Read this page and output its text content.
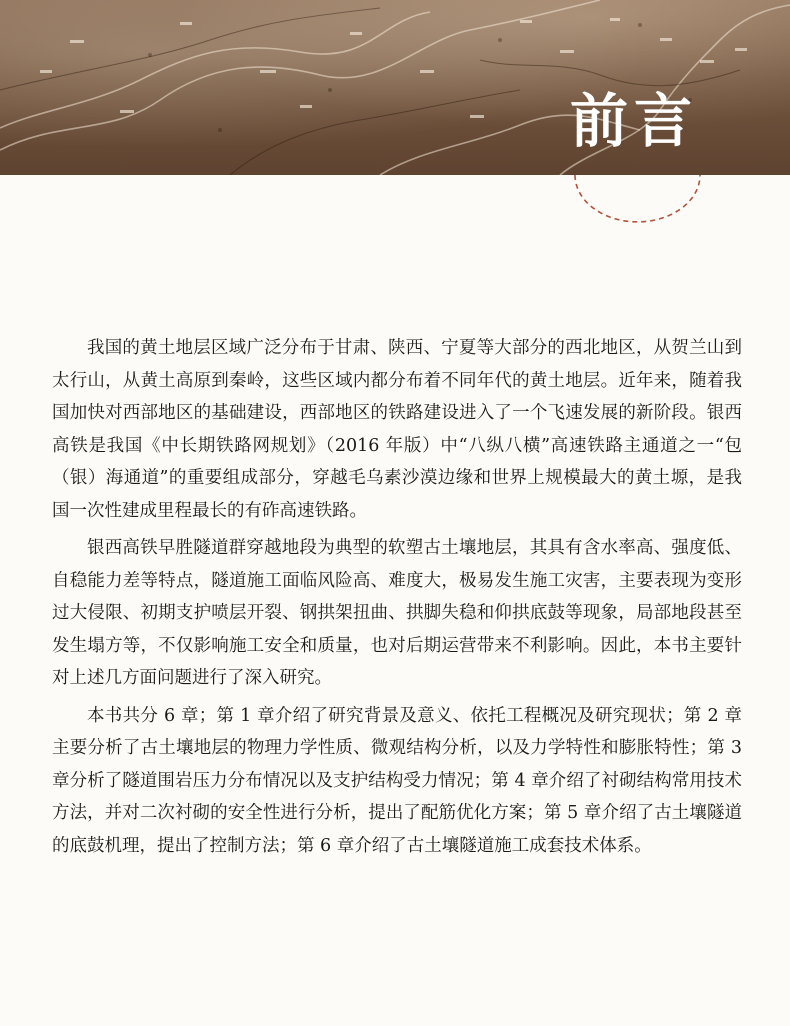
前言

我国的黄土地层区域广泛分布于甘肃、陕西、宁夏等大部分的西北地区，从贺兰山到太行山，从黄土高原到秦岭，这些区域内都分布着不同年代的黄土地层。近年来，随着我国加快对西部地区的基础建设，西部地区的铁路建设进入了一个飞速发展的新阶段。银西高铁是我国《中长期铁路网规划》（2016 年版）中“八纵八横”高速铁路主通道之一“包（银）海通道”的重要组成部分，穿越毛乌素沙漠边缘和世界上规模最大的黄土塬，是我国一次性建成里程最长的有砟高速铁路。

银西高铁早胜隧道群穿越地段为典型的软塑古土壤地层，其具有含水率高、强度低、自稳能力差等特点，隧道施工面临风险高、难度大，极易发生施工灾害，主要表现为变形过大侵限、初期支护喷层开裂、钢拱架扭曲、拱脚失稳和仰拱底鼓等现象，局部地段甚至发生塌方等，不仅影响施工安全和质量，也对后期运营带来不利影响。因此，本书主要针对上述几方面问题进行了深入研究。

本书共分 6 章；第 1 章介绍了研究背景及意义、依托工程概况及研究现状；第 2 章主要分析了古土壤地层的物理力学性质、微观结构分析，以及力学特性和膨胀特性；第 3 章分析了隧道围岩压力分布情况以及支护结构受力情况；第 4 章介绍了衬砌结构常用技术方法，并对二次衬砌的安全性进行分析，提出了配筋优化方案；第 5 章介绍了古土壤隧道的底鼓机理，提出了控制方法；第 6 章介绍了古土壤隧道施工成套技术体系。
